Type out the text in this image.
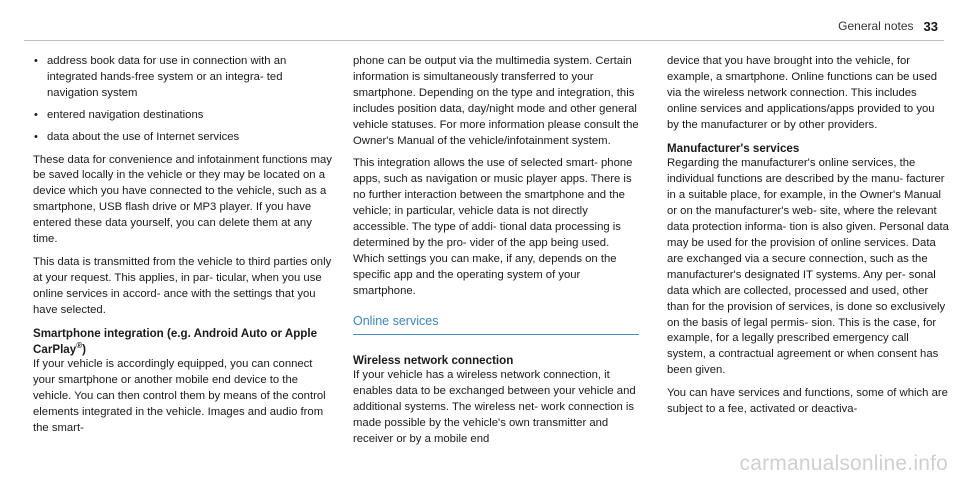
General notes 33
• address book data for use in connection with an integrated hands-free system or an integra- ted navigation system
• entered navigation destinations
• data about the use of Internet services

These data for convenience and infotainment functions may be saved locally in the vehicle or they may be located on a device which you have connected to the vehicle, such as a smartphone, USB flash drive or MP3 player. If you have entered these data yourself, you can delete them at any time.

This data is transmitted from the vehicle to third parties only at your request. This applies, in par- ticular, when you use online services in accord- ance with the settings that you have selected.

Smartphone integration (e.g. Android Auto or Apple CarPlay®)

If your vehicle is accordingly equipped, you can connect your smartphone or another mobile end device to the vehicle. You can then control them by means of the control elements integrated in the vehicle. Images and audio from the smart-

phone can be output via the multimedia system. Certain information is simultaneously transferred to your smartphone. Depending on the type and integration, this includes position data, day/night mode and other general vehicle statuses. For more information please consult the Owner's Manual of the vehicle/infotainment system.

This integration allows the use of selected smart- phone apps, such as navigation or music player apps. There is no further interaction between the smartphone and the vehicle; in particular, vehicle data is not directly accessible. The type of addi- tional data processing is determined by the pro- vider of the app being used. Which settings you can make, if any, depends on the specific app and the operating system of your smartphone.

Online services
Wireless network connection

If your vehicle has a wireless network connection, it enables data to be exchanged between your vehicle and additional systems. The wireless net- work connection is made possible by the vehicle's own transmitter and receiver or by a mobile end

device that you have brought into the vehicle, for example, a smartphone. Online functions can be used via the wireless network connection. This includes online services and applications/apps provided to you by the manufacturer or by other providers.

Manufacturer's services

Regarding the manufacturer's online services, the individual functions are described by the manu- facturer in a suitable place, for example, in the Owner's Manual or on the manufacturer's web- site, where the relevant data protection informa- tion is also given. Personal data may be used for the provision of online services. Data are exchanged via a secure connection, such as the manufacturer's designated IT systems. Any per- sonal data which are collected, processed and used, other than for the provision of services, is done so exclusively on the basis of legal permis- sion. This is the case, for example, for a legally prescribed emergency call system, a contractual agreement or when consent has been given.

You can have services and functions, some of which are subject to a fee, activated or deactiva-

carmanualsonline.info
